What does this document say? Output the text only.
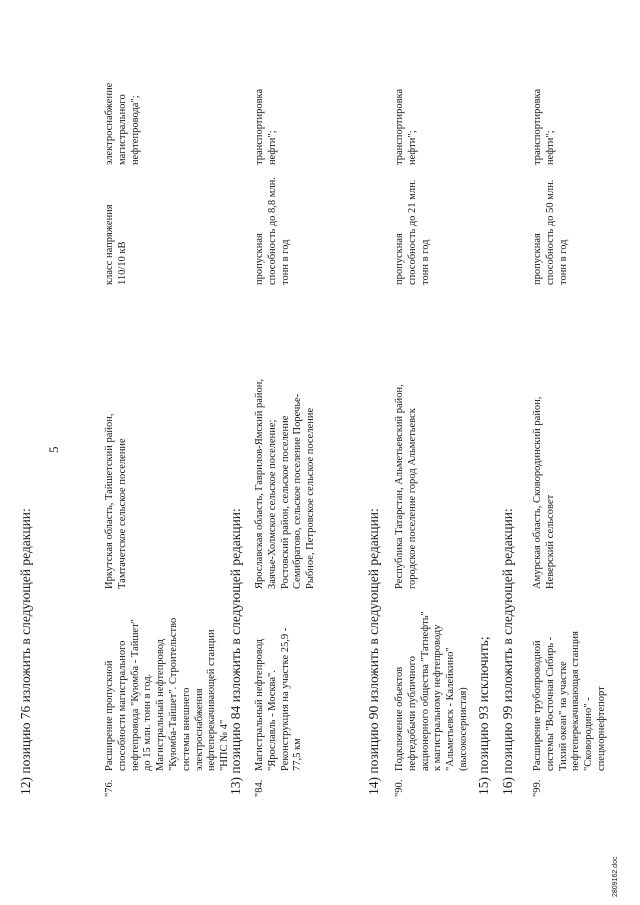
5
12) позицию 76 изложить в следующей редакции:	"76.
Расширение пропускной способности магистрального нефтепровода "Куюмба - Тайшет" до 15 млн. тонн в год. Магистральный нефтепровод "Куюмба-Тайшет". Строительство системы внешнего электроснабжения нефтеперекачивающей станции "НПС № 4"
Иркутская область, Тайшетский район, Тамтачетское сельское поселение
класс напряжения 110/10 кВ
электроснабжение магистрального нефтепровода";
13) позицию 84 изложить в следующей редакции: "84.
Магистральный нефтепровод "Ярославль - Москва". Реконструкция на участке 25,9 - 77,5 км
Ярославская область, Гаврилов-Ямский район, Заячье-Холмское сельское поселение; Ростовский район, сельское поселение Семибратово, сельское поселение Поречье-Рыбное, Петровское сельское поселение
пропускная способность до 8,8 млн. тонн в год
транспортировка нефти";
14) позицию 90 изложить в следующей редакции: "90.
Подключение объектов нефтедобычи публичного акционерного общества "Татнефть" к магистральному нефтепроводу "Альметьевск - Калейкино" (высокосернистая)
Республика Татарстан, Альметьевский район, городское поселение город Альметьевск
пропускная способность до 21 млн. тонн в год
транспортировка нефти";
15) позицию 93 исключить; 16) позицию 99 изложить в следующей редакции: "99.
Расширение трубопроводной системы "Восточная Сибирь - Тихий океан" на участке нефтеперекачивающая станция "Сковородино" - спецморнефтепорт
Амурская область, Сковородинский район, Неверский сельсовет
пропускная способность до 50 млн. тонн в год
транспортировка нефти";
2809162.doc
